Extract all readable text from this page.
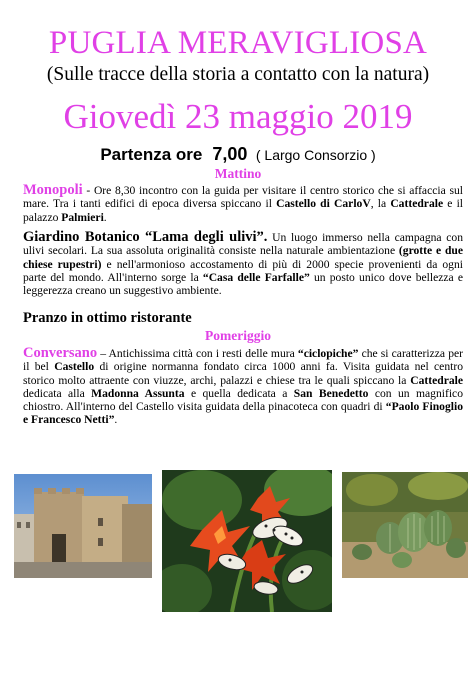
PUGLIA MERAVIGLIOSA
(Sulle tracce della storia a contatto con la natura)
Giovedì 23 maggio 2019
Partenza ore 7,00 ( Largo Consorzio )
Mattino
Monopoli - Ore 8,30 incontro con la guida per visitare il centro storico che si affaccia sul mare. Tra i tanti edifici di epoca diversa spiccano il Castello di CarloV, la Cattedrale e il palazzo Palmieri.
Giardino Botanico “Lama degli ulivi”. Un luogo immerso nella campagna con ulivi secolari. La sua assoluta originalità consiste nella naturale ambientazione (grotte e due chiese rupestri) e nell'armonioso accostamento di più di 2000 specie provenienti da ogni parte del mondo. All'interno sorge la “Casa delle Farfalle” un posto unico dove bellezza e leggerezza creano un suggestivo ambiente.
Pranzo in ottimo ristorante
Pomeriggio
Conversano – Antichissima città con i resti delle mura “ciclopiche” che si caratterizza per il bel Castello di origine normanna fondato circa 1000 anni fa. Visita guidata nel centro storico molto attraente con viuzze, archi, palazzi e chiese tra le quali spiccano la Cattedrale dedicata alla Madonna Assunta e quella dedicata a San Benedetto con un magnifico chiostro. All'interno del Castello visita guidata della pinacoteca con quadri di “Paolo Finoglio e Francesco Netti”.
